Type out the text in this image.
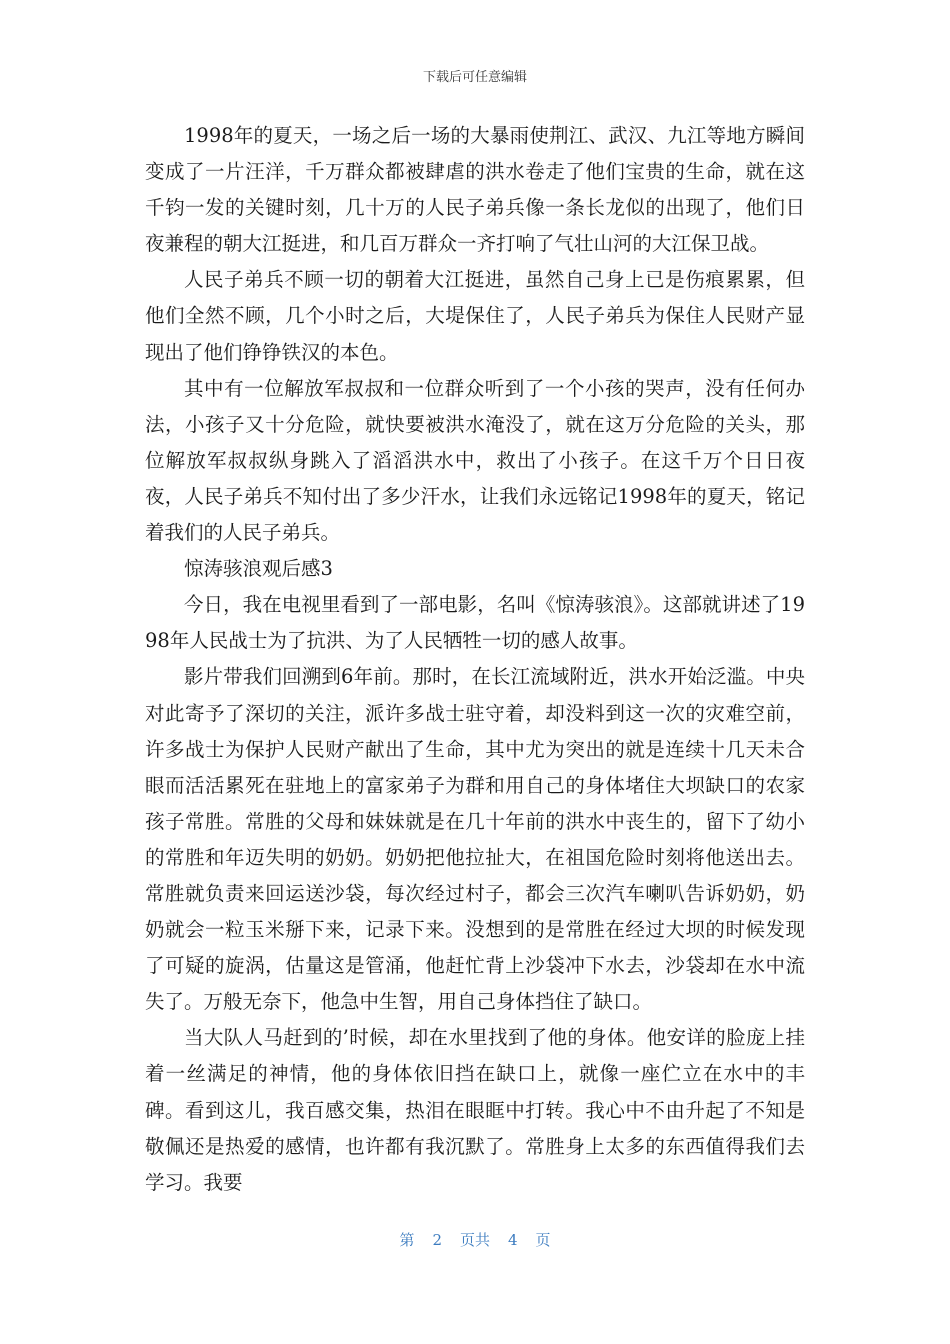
下载后可任意编辑

1998年的夏天，一场之后一场的大暴雨使荆江、武汉、九江等地方瞬间变成了一片汪洋，千万群众都被肆虐的洪水卷走了他们宝贵的生命，就在这千钧一发的关键时刻，几十万的人民子弟兵像一条长龙似的出现了，他们日夜兼程的朝大江挺进，和几百万群众一齐打响了气壮山河的大江保卫战。

人民子弟兵不顾一切的朝着大江挺进，虽然自己身上已是伤痕累累，但他们全然不顾，几个小时之后，大堤保住了，人民子弟兵为保住人民财产显现出了他们铮铮铁汉的本色。

其中有一位解放军叔叔和一位群众听到了一个小孩的哭声，没有任何办法，小孩子又十分危险，就快要被洪水淹没了，就在这万分危险的关头，那位解放军叔叔纵身跳入了滔滔洪水中，救出了小孩子。在这千万个日日夜夜，人民子弟兵不知付出了多少汗水，让我们永远铭记1998年的夏天，铭记着我们的人民子弟兵。

惊涛骇浪观后感3

今日，我在电视里看到了一部电影，名叫《惊涛骇浪》。这部就讲述了1998年人民战士为了抗洪、为了人民牺牲一切的感人故事。

影片带我们回溯到6年前。那时，在长江流域附近，洪水开始泛滥。中央对此寄予了深切的关注，派许多战士驻守着，却没料到这一次的灾难空前，许多战士为保护人民财产献出了生命，其中尤为突出的就是连续十几天未合眼而活活累死在驻地上的富家弟子为群和用自己的身体堵住大坝缺口的农家孩子常胜。常胜的父母和妹妹就是在几十年前的洪水中丧生的，留下了幼小的常胜和年迈失明的奶奶。奶奶把他拉扯大，在祖国危险时刻将他送出去。常胜就负责来回运送沙袋，每次经过村子，都会三次汽车喇叭告诉奶奶，奶奶就会一粒玉米掰下来，记录下来。没想到的是常胜在经过大坝的时候发现了可疑的旋涡，估量这是管涌，他赶忙背上沙袋冲下水去，沙袋却在水中流失了。万般无奈下，他急中生智，用自己身体挡住了缺口。

当大队人马赶到的’时候，却在水里找到了他的身体。他安详的脸庞上挂着一丝满足的神情，他的身体依旧挡在缺口上，就像一座伫立在水中的丰碑。看到这儿，我百感交集，热泪在眼眶中打转。我心中不由升起了不知是敬佩还是热爱的感情，也许都有我沉默了。常胜身上太多的东西值得我们去学习。我要

第 2 页共 4 页
